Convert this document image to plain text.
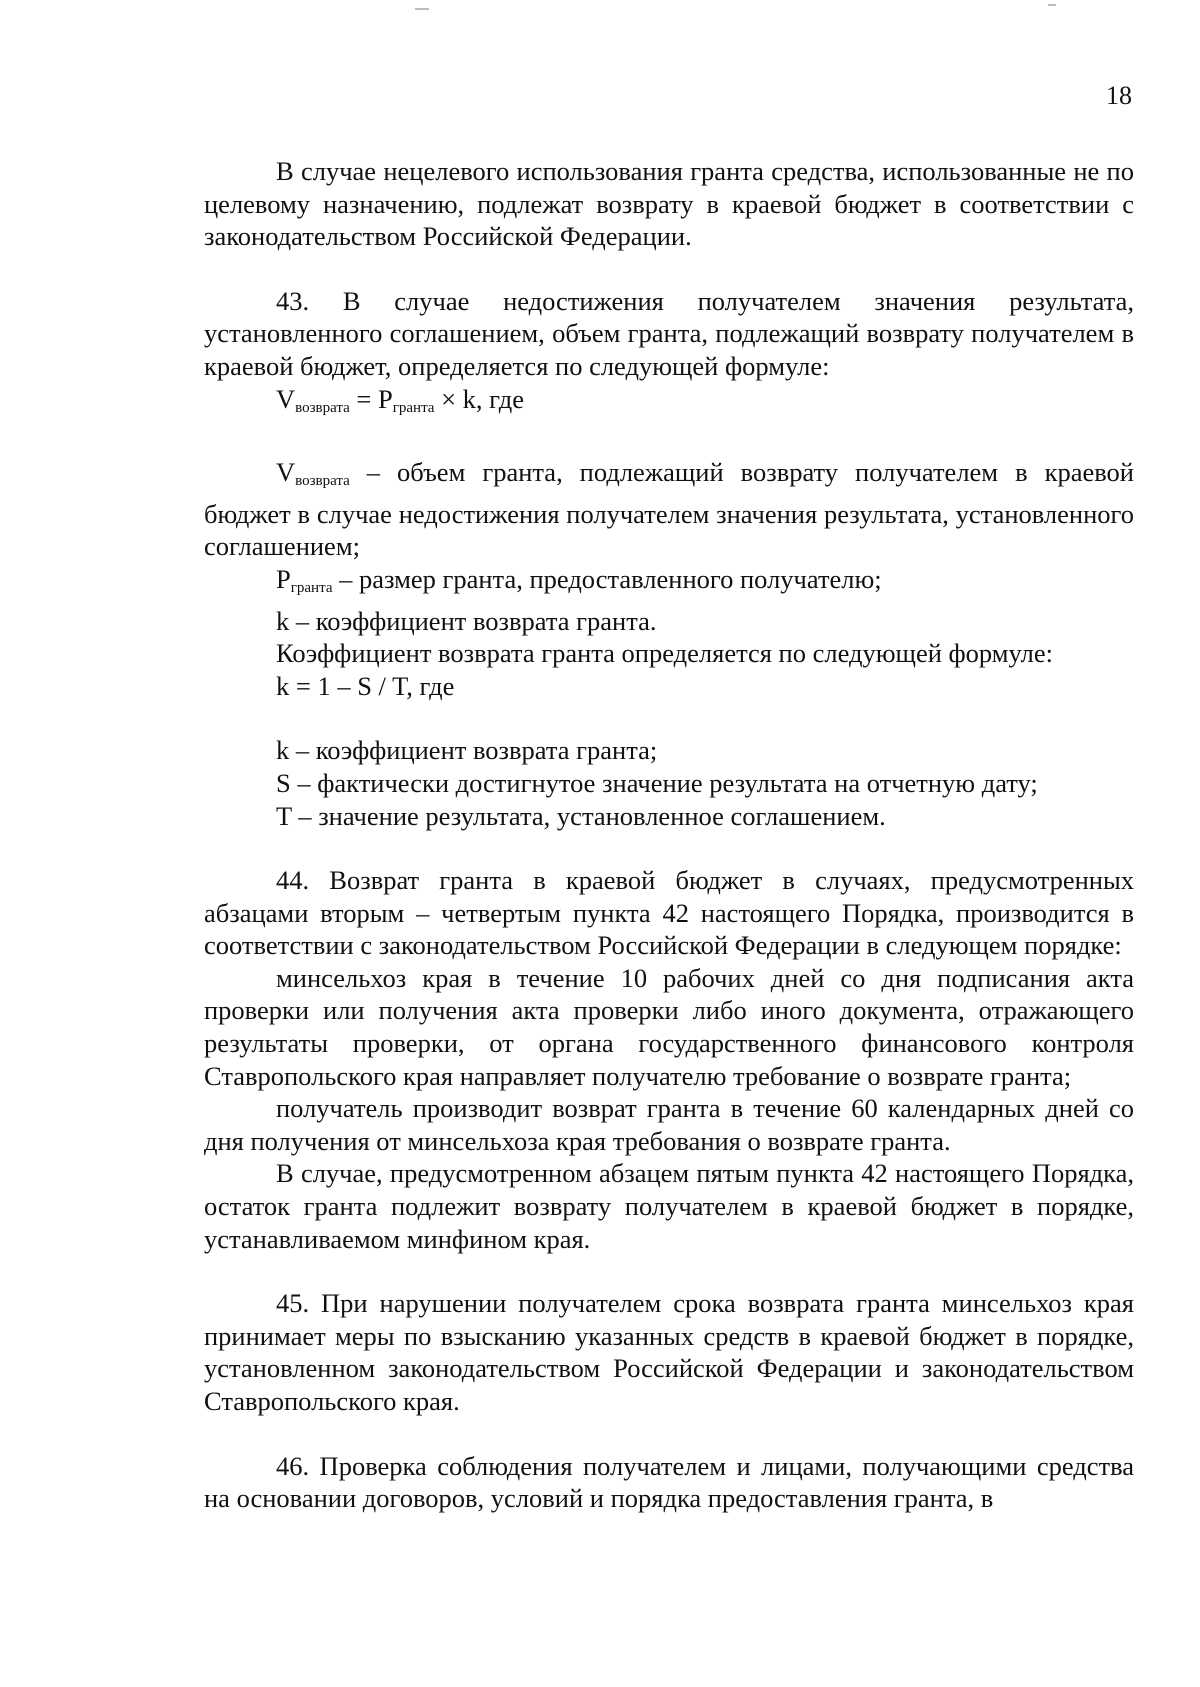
18

В случае нецелевого использования гранта средства, использованные не по целевому назначению, подлежат возврату в краевой бюджет в соответствии с законодательством Российской Федерации.

43. В случае недостижения получателем значения результата, установленного соглашением, объем гранта, подлежащий возврату получателем в краевой бюджет, определяется по следующей формуле:

$V_{возврата} = P_{гранта} \times k$, где

$V_{возврата}$ – объем гранта, подлежащий возврату получателем в краевой бюджет в случае недостижения получателем значения результата, установленного соглашением;

$P_{гранта}$ – размер гранта, предоставленного получателю;

k – коэффициент возврата гранта.

Коэффициент возврата гранта определяется по следующей формуле:

k = 1 – S / T, где

k – коэффициент возврата гранта;

S – фактически достигнутое значение результата на отчетную дату;

T – значение результата, установленное соглашением.

44. Возврат гранта в краевой бюджет в случаях, предусмотренных абзацами вторым – четвертым пункта 42 настоящего Порядка, производится в соответствии с законодательством Российской Федерации в следующем порядке:

минсельхоз края в течение 10 рабочих дней со дня подписания акта проверки или получения акта проверки либо иного документа, отражающего результаты проверки, от органа государственного финансового контроля Ставропольского края направляет получателю требование о возврате гранта;

получатель производит возврат гранта в течение 60 календарных дней со дня получения от минсельхоза края требования о возврате гранта.

В случае, предусмотренном абзацем пятым пункта 42 настоящего Порядка, остаток гранта подлежит возврату получателем в краевой бюджет в порядке, устанавливаемом минфином края.

45. При нарушении получателем срока возврата гранта минсельхоз края принимает меры по взысканию указанных средств в краевой бюджет в порядке, установленном законодательством Российской Федерации и законодательством Ставропольского края.

46. Проверка соблюдения получателем и лицами, получающими средства на основании договоров, условий и порядка предоставления гранта, в
